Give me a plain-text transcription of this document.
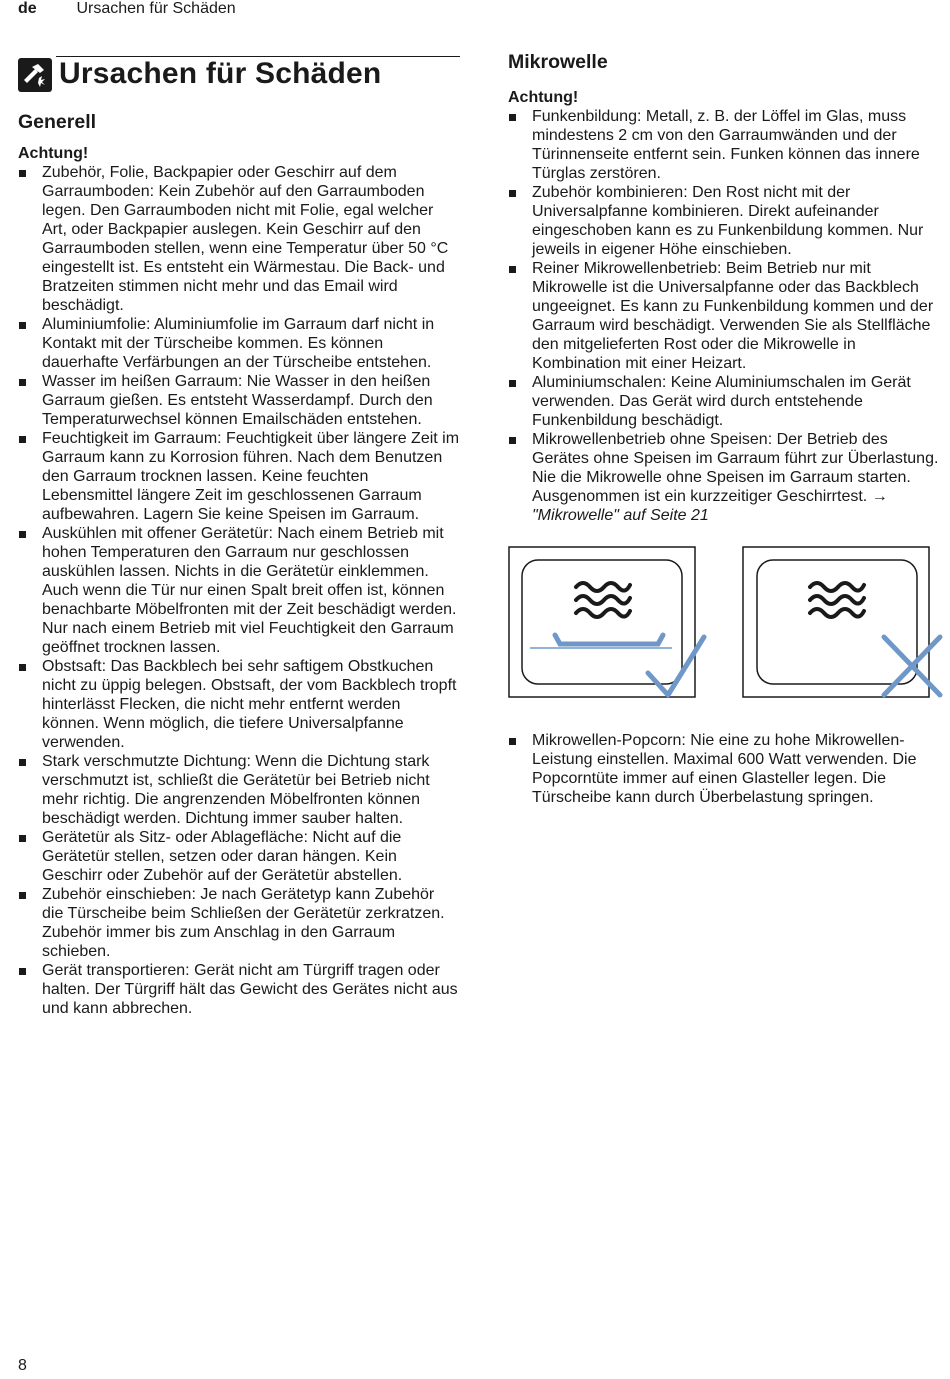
de Ursachen für Schäden
Ursachen für Schäden
Generell
Achtung!
Zubehör, Folie, Backpapier oder Geschirr auf dem Garraumboden: Kein Zubehör auf den Garraumboden legen. Den Garraumboden nicht mit Folie, egal welcher Art, oder Backpapier auslegen. Kein Geschirr auf den Garraumboden stellen, wenn eine Temperatur über 50 °C eingestellt ist. Es entsteht ein Wärmestau. Die Back- und Bratzeiten stimmen nicht mehr und das Email wird beschädigt.
Aluminiumfolie: Aluminiumfolie im Garraum darf nicht in Kontakt mit der Türscheibe kommen. Es können dauerhafte Verfärbungen an der Türscheibe entstehen.
Wasser im heißen Garraum: Nie Wasser in den heißen Garraum gießen. Es entsteht Wasserdampf. Durch den Temperaturwechsel können Emailschäden entstehen.
Feuchtigkeit im Garraum: Feuchtigkeit über längere Zeit im Garraum kann zu Korrosion führen. Nach dem Benutzen den Garraum trocknen lassen. Keine feuchten Lebensmittel längere Zeit im geschlossenen Garraum aufbewahren. Lagern Sie keine Speisen im Garraum.
Auskühlen mit offener Gerätetür: Nach einem Betrieb mit hohen Temperaturen den Garraum nur geschlossen auskühlen lassen. Nichts in die Gerätetür einklemmen. Auch wenn die Tür nur einen Spalt breit offen ist, können benachbarte Möbelfronten mit der Zeit beschädigt werden.
Nur nach einem Betrieb mit viel Feuchtigkeit den Garraum geöffnet trocknen lassen.
Obstsaft: Das Backblech bei sehr saftigem Obstkuchen nicht zu üppig belegen. Obstsaft, der vom Backblech tropft hinterlässt Flecken, die nicht mehr entfernt werden können. Wenn möglich, die tiefere Universalpfanne verwenden.
Stark verschmutzte Dichtung: Wenn die Dichtung stark verschmutzt ist, schließt die Gerätetür bei Betrieb nicht mehr richtig. Die angrenzenden Möbelfronten können beschädigt werden. Dichtung immer sauber halten.
Gerätetür als Sitz- oder Ablagefläche: Nicht auf die Gerätetür stellen, setzen oder daran hängen. Kein Geschirr oder Zubehör auf der Gerätetür abstellen.
Zubehör einschieben: Je nach Gerätetyp kann Zubehör die Türscheibe beim Schließen der Gerätetür zerkratzen. Zubehör immer bis zum Anschlag in den Garraum schieben.
Gerät transportieren: Gerät nicht am Türgriff tragen oder halten. Der Türgriff hält das Gewicht des Gerätes nicht aus und kann abbrechen.
Mikrowelle
Achtung!
Funkenbildung: Metall, z. B. der Löffel im Glas, muss mindestens 2 cm von den Garraumwänden und der Türinnenseite entfernt sein. Funken können das innere Türglas zerstören.
Zubehör kombinieren: Den Rost nicht mit der Universalpfanne kombinieren. Direkt aufeinander eingeschoben kann es zu Funkenbildung kommen. Nur jeweils in eigener Höhe einschieben.
Reiner Mikrowellenbetrieb: Beim Betrieb nur mit Mikrowelle ist die Universalpfanne oder das Backblech ungeeignet. Es kann zu Funkenbildung kommen und der Garraum wird beschädigt. Verwenden Sie als Stellfläche den mitgelieferten Rost oder die Mikrowelle in Kombination mit einer Heizart.
Aluminiumschalen: Keine Aluminiumschalen im Gerät verwenden. Das Gerät wird durch entstehende Funkenbildung beschädigt.
Mikrowellenbetrieb ohne Speisen: Der Betrieb des Gerätes ohne Speisen im Garraum führt zur Überlastung. Nie die Mikrowelle ohne Speisen im Garraum starten. Ausgenommen ist ein kurzzeitiger Geschirrtest. → "Mikrowelle" auf Seite 21
Mikrowellen-Popcorn: Nie eine zu hohe Mikrowellen-Leistung einstellen. Maximal 600 Watt verwenden. Die Popcorntüte immer auf einen Glasteller legen. Die Türscheibe kann durch Überbelastung springen.
8
